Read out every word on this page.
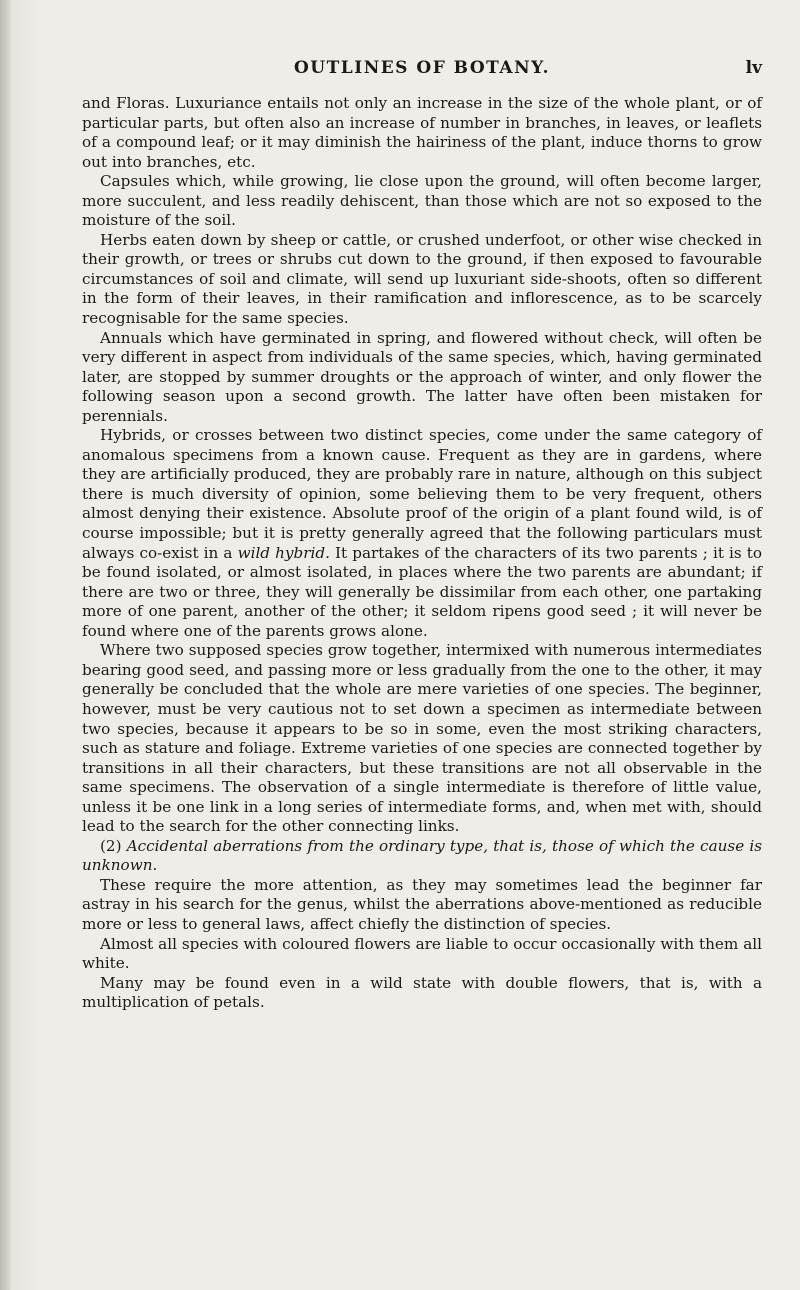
OUTLINES OF BOTANY.	lv

and Floras. Luxuriance entails not only an increase in the size of the whole plant, or of particular parts, but often also an increase of number in branches, in leaves, or leaflets of a compound leaf; or it may diminish the hairiness of the plant, induce thorns to grow out into branches, etc.

Capsules which, while growing, lie close upon the ground, will often become larger, more succulent, and less readily dehiscent, than those which are not so exposed to the moisture of the soil.

Herbs eaten down by sheep or cattle, or crushed underfoot, or other wise checked in their growth, or trees or shrubs cut down to the ground, if then exposed to favourable circumstances of soil and climate, will send up luxuriant side-shoots, often so different in the form of their leaves, in their ramification and inflorescence, as to be scarcely recognisable for the same species.

Annuals which have germinated in spring, and flowered without check, will often be very different in aspect from individuals of the same species, which, having germinated later, are stopped by summer droughts or the approach of winter, and only flower the following season upon a second growth. The latter have often been mistaken for perennials.

Hybrids, or crosses between two distinct species, come under the same category of anomalous specimens from a known cause. Frequent as they are in gardens, where they are artificially produced, they are probably rare in nature, although on this subject there is much diversity of opinion, some believing them to be very frequent, others almost denying their existence. Absolute proof of the origin of a plant found wild, is of course impossible; but it is pretty generally agreed that the following particulars must always co-exist in a wild hybrid. It partakes of the characters of its two parents ; it is to be found isolated, or almost isolated, in places where the two parents are abundant; if there are two or three, they will generally be dissimilar from each other, one partaking more of one parent, another of the other; it seldom ripens good seed ; it will never be found where one of the parents grows alone.

Where two supposed species grow together, intermixed with numerous intermediates bearing good seed, and passing more or less gradually from the one to the other, it may generally be concluded that the whole are mere varieties of one species. The beginner, however, must be very cautious not to set down a specimen as intermediate between two species, because it appears to be so in some, even the most striking characters, such as stature and foliage. Extreme varieties of one species are connected together by transitions in all their characters, but these transitions are not all observable in the same specimens. The observation of a single intermediate is therefore of little value, unless it be one link in a long series of intermediate forms, and, when met with, should lead to the search for the other connecting links.

(2) Accidental aberrations from the ordinary type, that is, those of which the cause is unknown.

These require the more attention, as they may sometimes lead the beginner far astray in his search for the genus, whilst the aberrations above-mentioned as reducible more or less to general laws, affect chiefly the distinction of species.

Almost all species with coloured flowers are liable to occur occasionally with them all white.

Many may be found even in a wild state with double flowers, that is, with a multiplication of petals.
